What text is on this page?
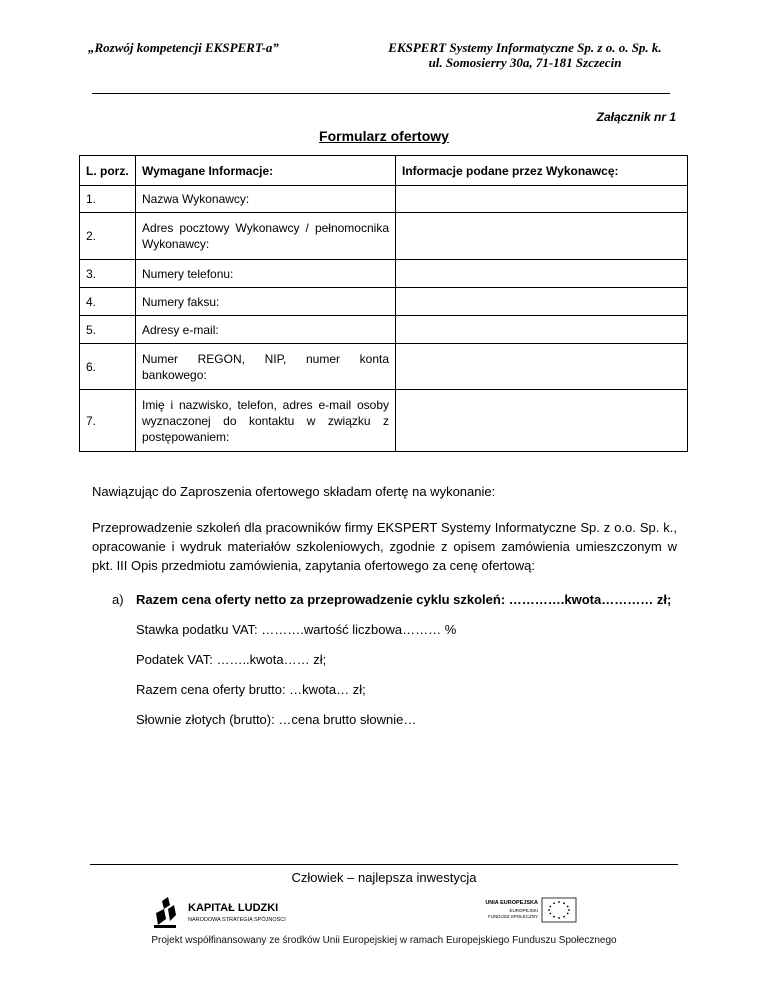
„Rozwój kompetencji EKSPERT-a”	EKSPERT Systemy Informatyczne Sp. z o. o. Sp. k.
ul. Somosierry 30a, 71-181 Szczecin
Załącznik nr 1
Formularz ofertowy
L. porz.	Wymagane Informacje:	Informacje podane przez Wykonawcę:
1.	Nazwa Wykonawcy:	
2.	Adres pocztowy Wykonawcy / pełnomocnika Wykonawcy:	
3.	Numery telefonu:	
4.	Numery faksu:	
5.	Adresy e-mail:	
6.	Numer REGON, NIP, numer konta bankowego:	
7.	Imię i nazwisko, telefon, adres e-mail osoby wyznaczonej do kontaktu w związku z postępowaniem:	
Nawiązując do Zaproszenia ofertowego składam ofertę na wykonanie:
Przeprowadzenie szkoleń dla pracowników firmy EKSPERT Systemy Informatyczne Sp. z o.o. Sp. k., opracowanie i wydruk materiałów szkoleniowych, zgodnie z opisem zamówienia umieszczonym w pkt. III Opis przedmiotu zamówienia, zapytania ofertowego za cenę ofertową:
a) Razem cena oferty netto za przeprowadzenie cyklu szkoleń: ………….kwota………… zł;
Stawka podatku VAT: ……….wartość liczbowa……… %
Podatek VAT: ……..kwota…… zł;
Razem cena oferty brutto: …kwota… zł;
Słownie złotych (brutto): …cena brutto słownie…
Człowiek – najlepsza inwestycja
KAPITAŁ LUDZKI
NARODOWA STRATEGIA SPÓJNOŚCI
UNIA EUROPEJSKA
EUROPEJSKI
FUNDUSZ SPOŁECZNY
Projekt współfinansowany ze środków Unii Europejskiej w ramach Europejskiego Funduszu Społecznego
